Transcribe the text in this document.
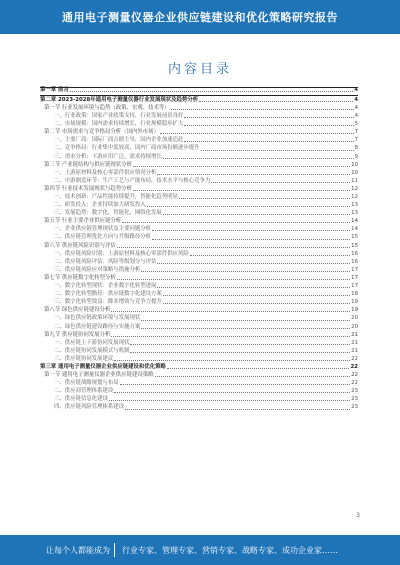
通用电子测量仪器企业供应链建设和优化策略研究报告
内容目录
第一章 前言	4
第二章 2023-2028年通用电子测量仪器行业发展现状及趋势分析	4
第一节 行业发展环境与趋势（政策、宏观、技术等）	4
一、行业政策：国家产业政策支持，行业发展前景良好	4
二、市场规模：国内需求持续增长，行业规模稳步扩大	5
第二节 市场需求与竞争格局分析（国内外市场）	7
一、主要厂商：国际厂商占据主导，国内企业加速追赶	7
二、竞争格局：行业集中度较高，国内厂商市场份额逐步提升	8
三、需求分析：下游应用广泛，需求持续增长	9
第三节 产业链结构与供应链现状分析	10
一、上游原材料及核心零部件供应情况分析	10
二、中游制造环节：生产工艺与产能布局，技术水平与核心竞争力	11
第四节 行业技术发展现状与趋势分析	12
一、技术创新：产品性能持续提升，智能化趋势明显	12
二、研发投入：企业持续加大研发投入	13
三、发展趋势：数字化、智能化、网络化发展	13
第五节 行业主要企业供应链分析	14
一、企业供应链管理现状及主要问题分析	14
二、供应链管理优化方向与升级路径分析	15
第六节 供应链风险识别与评估	15
一、供应链风险识别：上游原材料及核心零部件供应风险	16
二、供应链风险评估：风险等级划分与评估	16
三、供应链风险应对策略与措施分析	17
第七节 供应链数字化转型分析	17
一、数字化转型现状：企业数字化转型进展	17
二、数字化转型路径：供应链数字化建设方案	18
三、数字化转型效益：降本增效与竞争力提升	19
第八节 绿色供应链建设分析	19
一、绿色供应链政策环境与发展现状	20
二、绿色供应链建设路径与实施方案	20
第九节 供应链协同发展分析	21
一、供应链上下游协同发展现状	21
二、供应链协同发展模式与机制	21
三、供应链协同发展建议	22
第三章 通用电子测量仪器企业供应链建设和优化策略	22
第一节 通用电子测量仪器企业供应链建设策略	22
一、供应链战略规划与布局	22
二、供应商管理体系建设	23
三、供应链信息化建设	23
四、供应链风险管理体系建设	23
3
让每个人都能成为 行业专家、管理专家、营销专家、战略专家、成功企业家……
